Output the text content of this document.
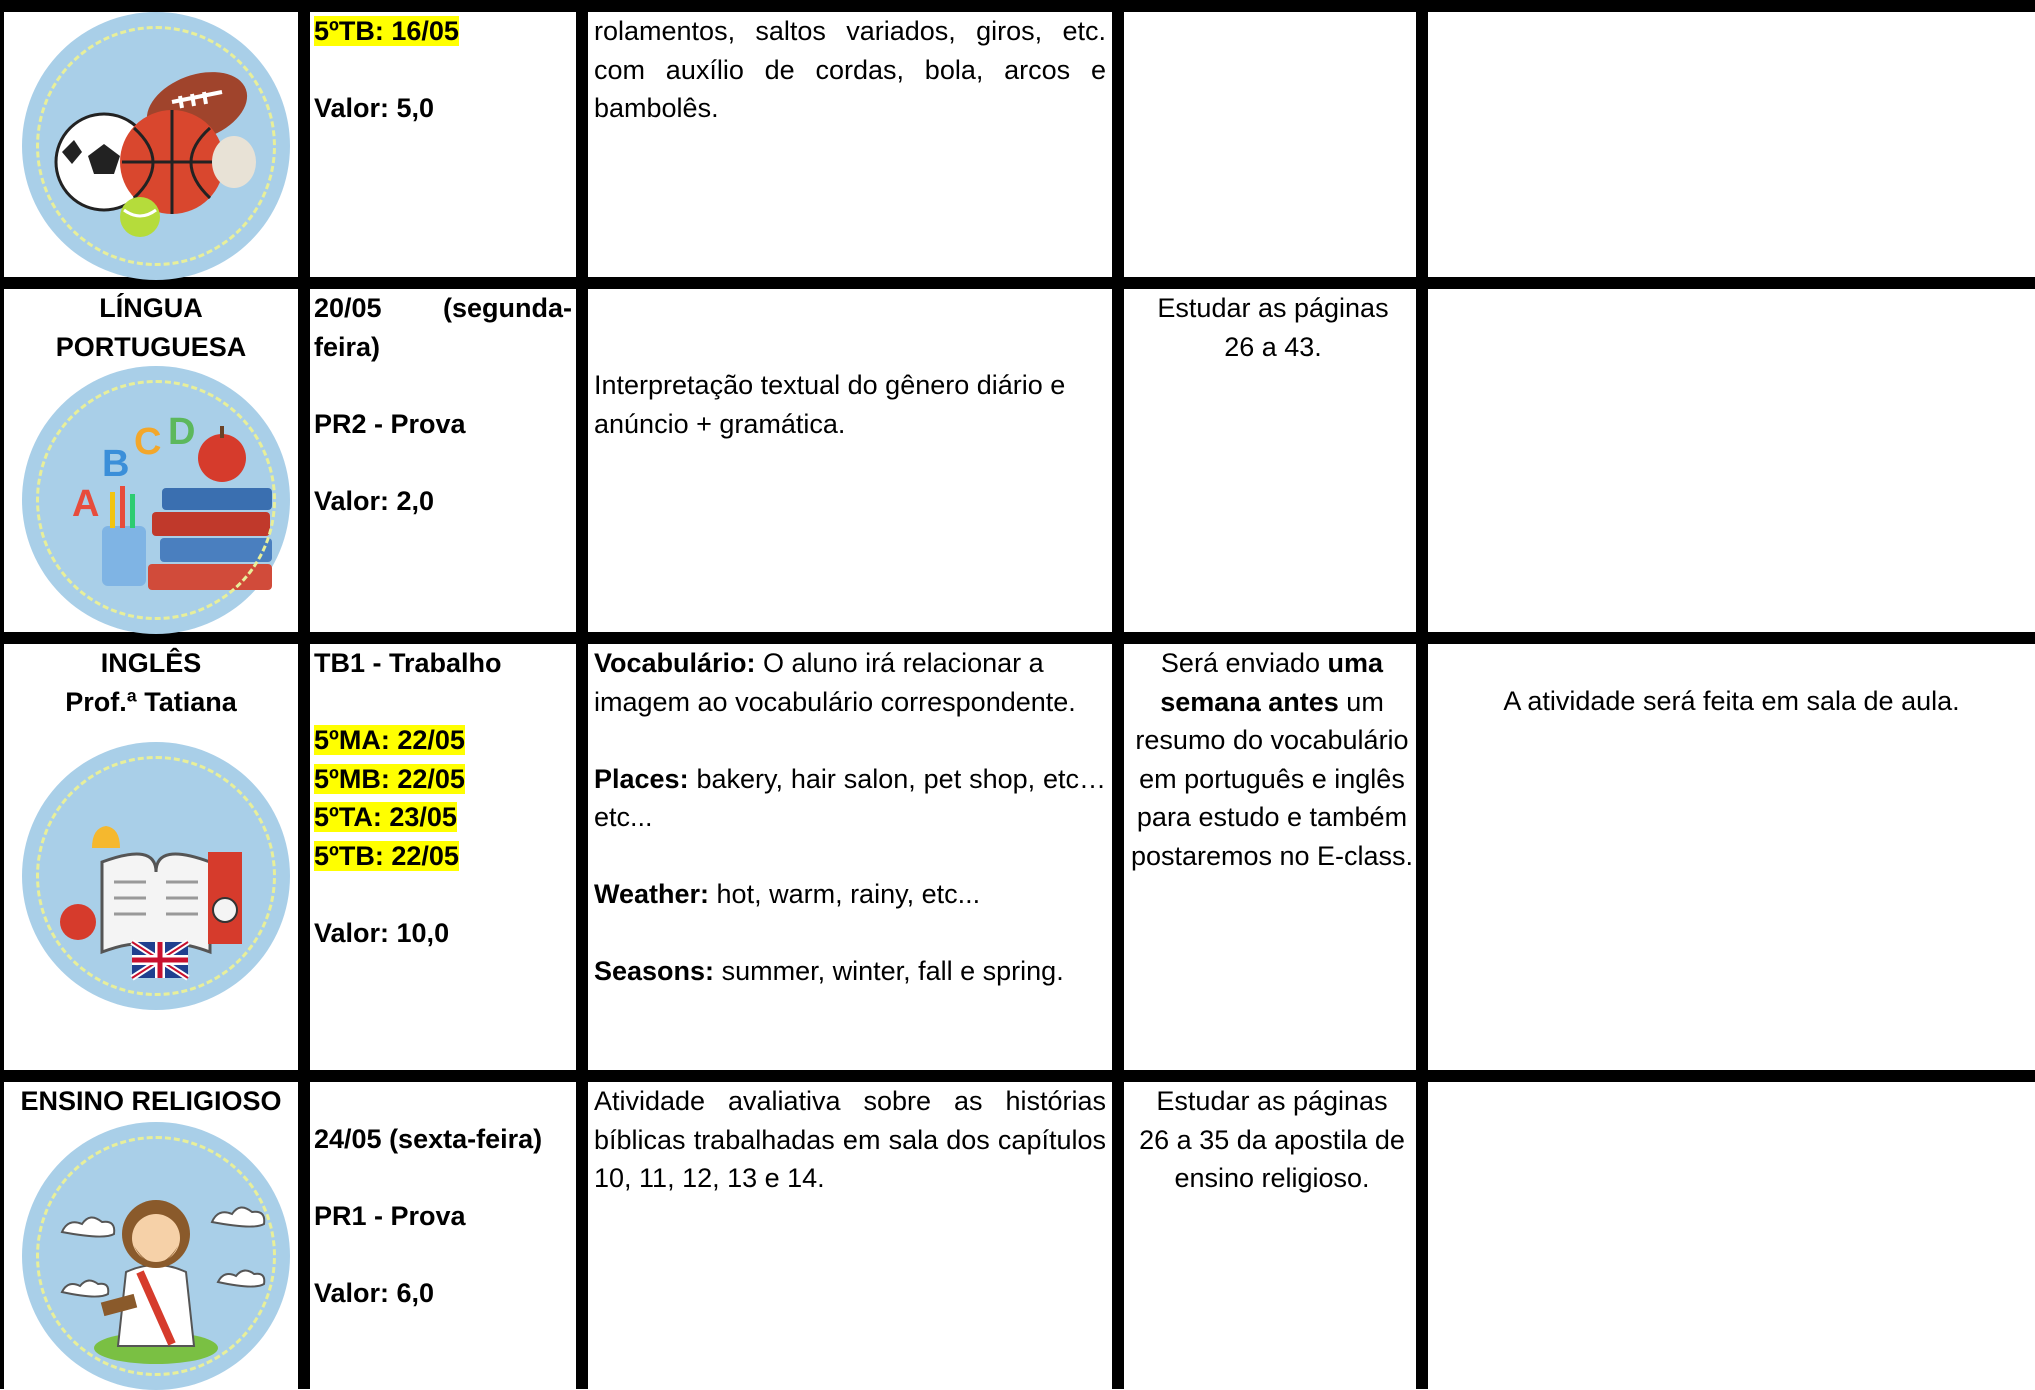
5ºTB: 16/05

Valor: 5,0

rolamentos, saltos variados, giros, etc. com auxílio de cordas, bola, arcos e bambolês.

LÍNGUA

PORTUGUESA

A
B
C D

20/05 (segunda-feira)

PR2 - Prova

Valor: 2,0

Interpretação textual do gênero diário e anúncio + gramática.
Estudar as páginas 26 a 43.

INGLÊS

Prof.ª Tatiana

TB1 - Trabalho

5ºMA: 22/05

5ºMB: 22/05

5ºTA: 23/05

5ºTB: 22/05

Valor: 10,0

Vocabulário: O aluno irá relacionar a imagem ao vocabulário correspondente.

Places: bakery, hair salon, pet shop, etc… etc...

Weather: hot, warm, rainy, etc...

Seasons: summer, winter, fall e spring.

Será enviado uma semana antes um resumo do vocabulário em português e inglês para estudo e também postaremos no E-class.
A atividade será feita em sala de aula.
ENSINO RELIGIOSO

24/05 (sexta-feira)

PR1 - Prova

Valor: 6,0

Atividade avaliativa sobre as histórias bíblicas trabalhadas em sala dos capítulos 10, 11, 12, 13 e 14.
Estudar as páginas 26 a 35 da apostila de ensino religioso.
